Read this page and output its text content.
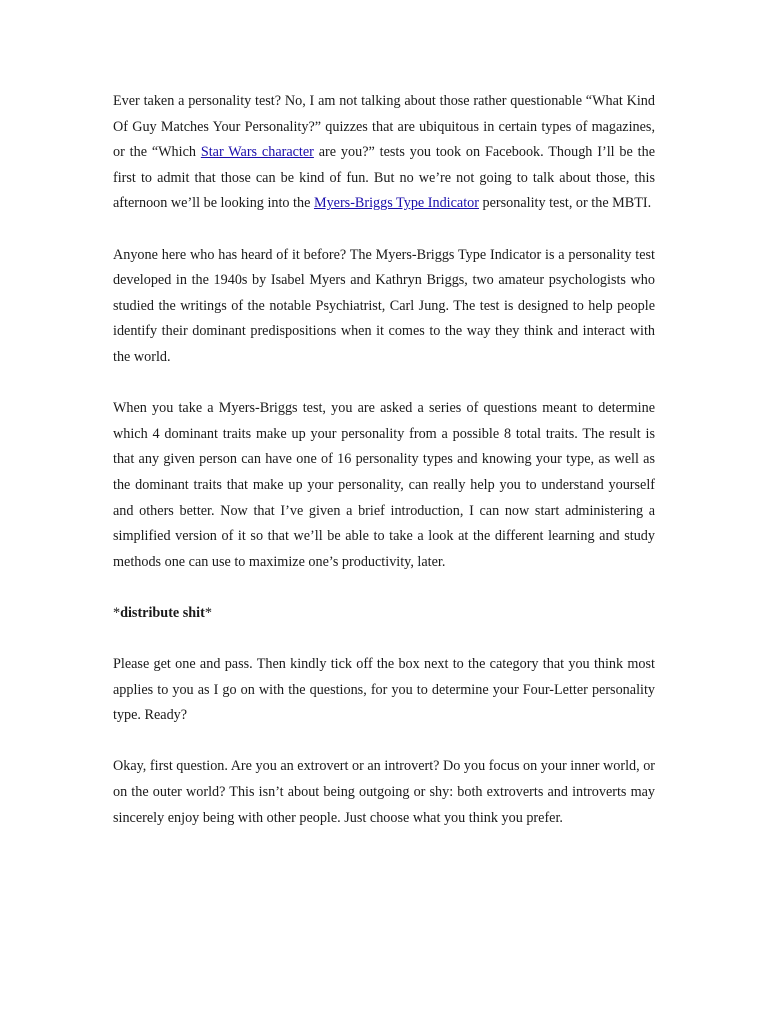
Ever taken a personality test? No, I am not talking about those rather questionable “What Kind Of Guy Matches Your Personality?” quizzes that are ubiquitous in certain types of magazines, or the “Which Star Wars character are you?” tests you took on Facebook. Though I’ll be the first to admit that those can be kind of fun. But no we’re not going to talk about those, this afternoon we’ll be looking into the Myers-Briggs Type Indicator personality test, or the MBTI.

Anyone here who has heard of it before? The Myers-Briggs Type Indicator is a personality test developed in the 1940s by Isabel Myers and Kathryn Briggs, two amateur psychologists who studied the writings of the notable Psychiatrist, Carl Jung. The test is designed to help people identify their dominant predispositions when it comes to the way they think and interact with the world.

When you take a Myers-Briggs test, you are asked a series of questions meant to determine which 4 dominant traits make up your personality from a possible 8 total traits. The result is that any given person can have one of 16 personality types and knowing your type, as well as the dominant traits that make up your personality, can really help you to understand yourself and others better. Now that I’ve given a brief introduction, I can now start administering a simplified version of it so that we’ll be able to take a look at the different learning and study methods one can use to maximize one’s productivity, later.

*distribute shit*

Please get one and pass. Then kindly tick off the box next to the category that you think most applies to you as I go on with the questions, for you to determine your Four-Letter personality type. Ready?

Okay, first question. Are you an extrovert or an introvert? Do you focus on your inner world, or on the outer world? This isn’t about being outgoing or shy: both extroverts and introverts may sincerely enjoy being with other people. Just choose what you think you prefer.
